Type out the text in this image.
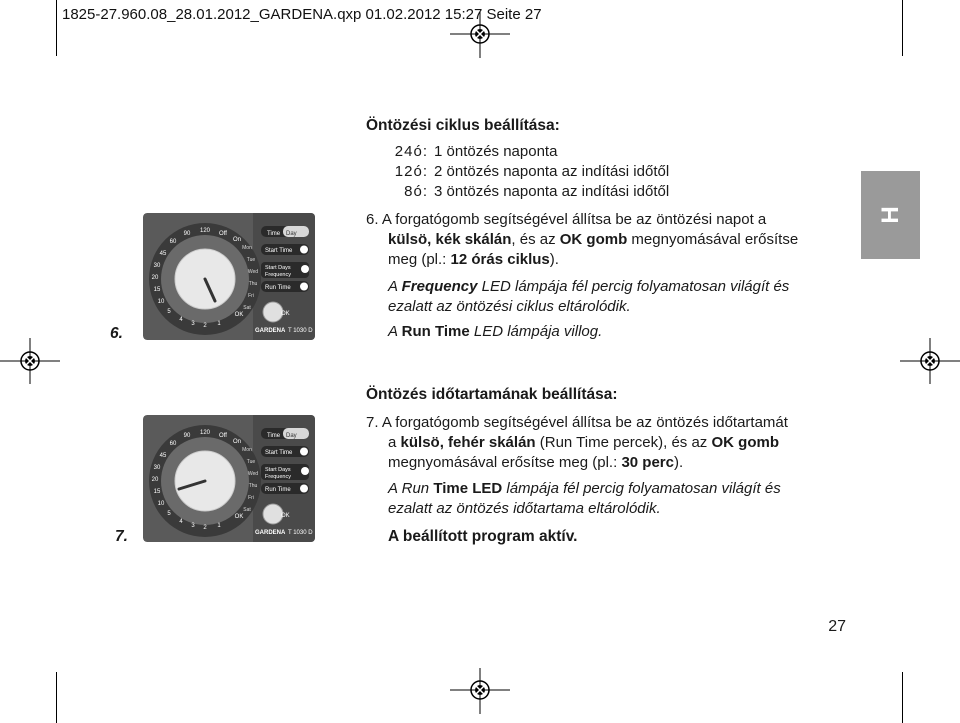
1825-27.960.08_28.01.2012_GARDENA.qxp 01.02.2012 15:27 Seite 27
H
Öntözési ciklus beállítása:
24ó: 1 öntözés naponta
12ó: 2 öntözés naponta az indítási időtől
8ó: 3 öntözés naponta az indítási időtől
6. A forgatógomb segítségével állítsa be az öntözési napot a
külsö, kék skálán, és az OK gomb megnyomásával erősítse
meg (pl.: 12 órás ciklus).
A Frequency LED lámpája fél percig folyamatosan világít és
ezalatt az öntözési ciklus eltárolódik.
A Run Time LED lámpája villog.
6.
120
90
60
45
30
20
15
10
5
4
3 2 1
OK
Off
On
Mon
Tue
Wed
Thu
Fri
Sat
Time Day
Start Time
Start Days
Frequency
Run Time
OK
GARDENA T 1030 D
Öntözés időtartamának beállítása:
7. A forgatógomb segítségével állítsa be az öntözés időtartamát
a külsö, fehér skálán (Run Time percek), és az OK gomb
megnyomásával erősítse meg (pl.: 30 perc).
A Run Time LED lámpája fél percig folyamatosan világít és
ezalatt az öntözés időtartama eltárolódik.
A beállított program aktív.
7.
120
90
60
45
30
20
15
10
5
4
3 2 1
OK
Off
On
Mon
Tue
Wed
Thu
Fri
Sat
Time Day
Start Time
Start Days
Frequency
Run Time
OK
GARDENA T 1030 D
27
